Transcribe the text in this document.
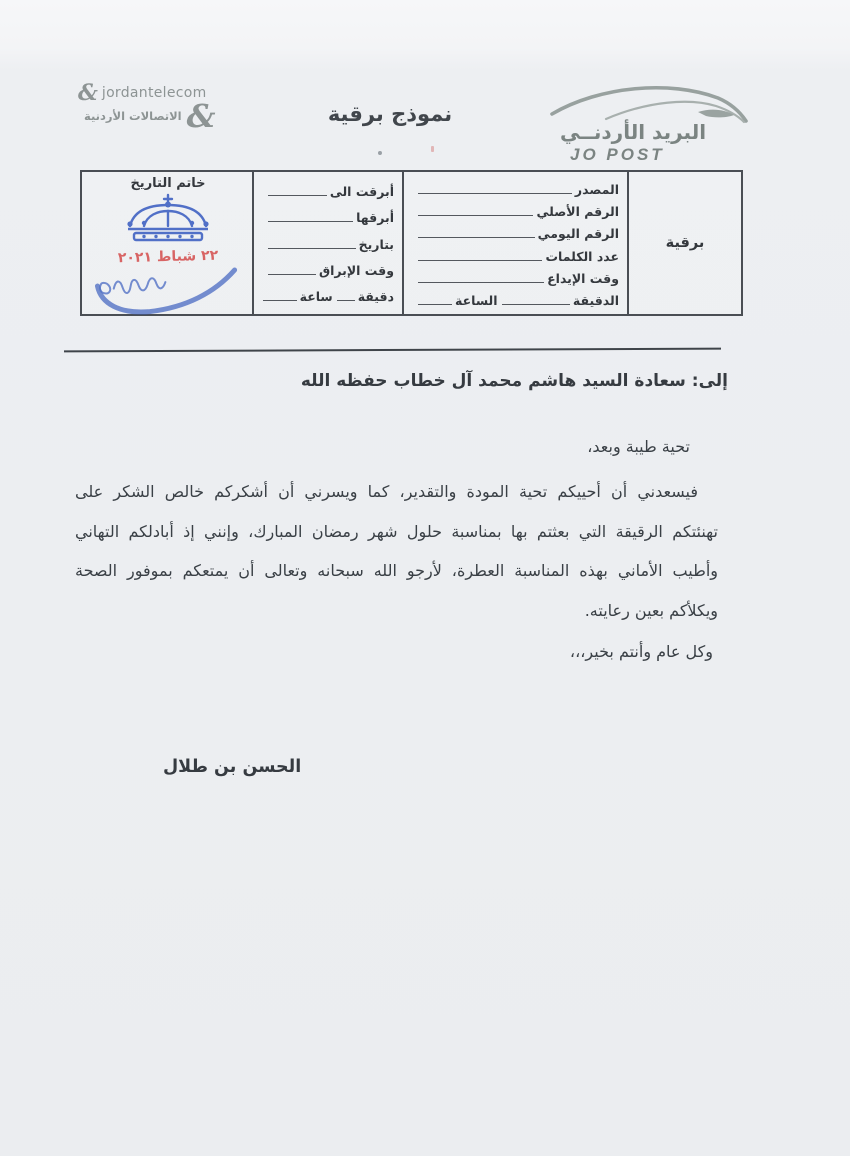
& jordantelecom
الاتصالات الأردنية &	نموذج برقية
البريد الأردنــي
JO POST
برقية
المصدر
الرقم الأصلي
الرقم اليومي
عدد الكلمات
وقت الإيداع
الدقيقة
الساعة
أبرقت الى
أبرقها
بتاريخ
وقت الإبراق
دقيقة
ساعة
خاتم التاريخ
٢٢ شباط ٢٠٢١
إلى: سعادة السيد هاشم محمد آل خطاب حفظه الله
تحية طيبة وبعد،
فيسعدني أن أحييكم تحية المودة والتقدير، كما ويسرني أن أشكركم خالص الشكر على
تهنئتكم الرقيقة التي بعثتم بها بمناسبة حلول شهر رمضان المبارك، وإنني إذ أبادلكم التهاني
وأطيب الأماني بهذه المناسبة العطرة، لأرجو الله سبحانه وتعالى أن يمتعكم بموفور الصحة
ويكلأكم بعين رعايته.
وكل عام وأنتم بخير،،،
الحسن بن طلال
